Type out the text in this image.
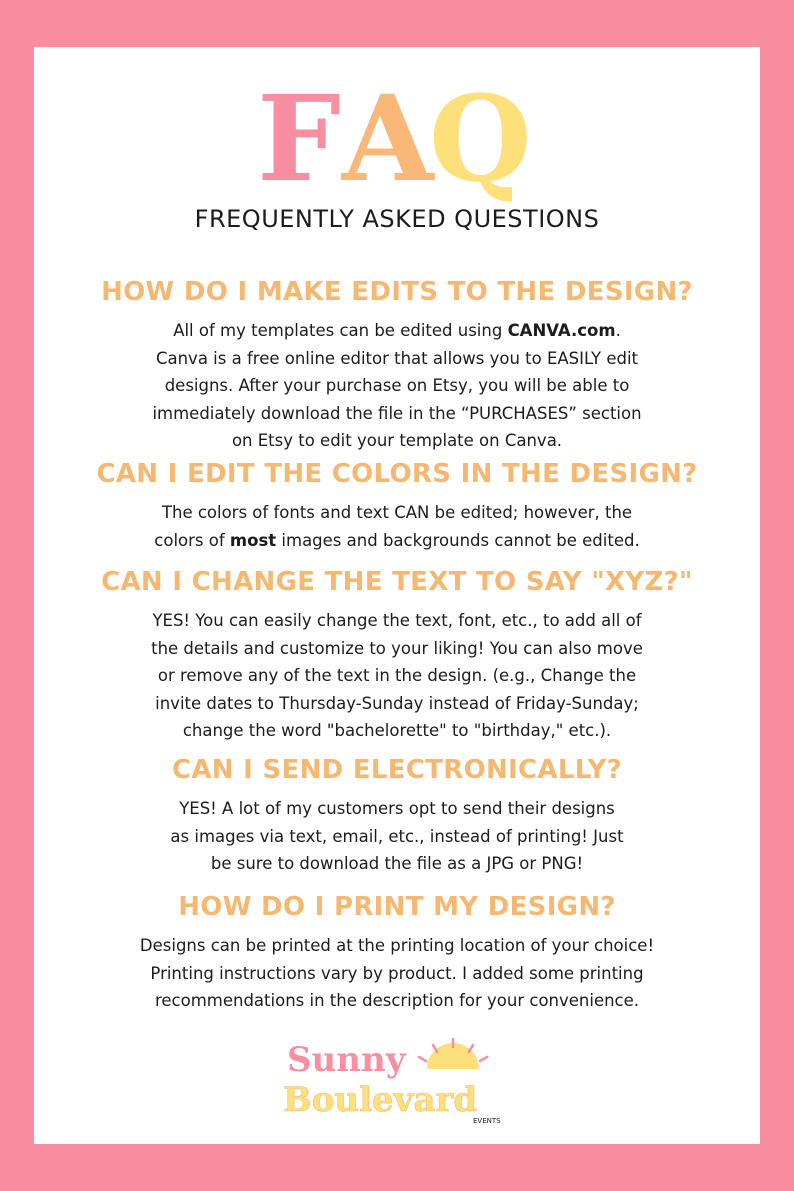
F A
Q
FREQUENTLY ASKED QUESTIONS
HOW DO I MAKE EDITS TO THE DESIGN?
All of my templates can be edited using CANVA.com.
Canva is a free online editor that allows you to EASILY edit
designs. After your purchase on Etsy, you will be able to
immediately download the file in the “PURCHASES” section
on Etsy to edit your template on Canva.
CAN I EDIT THE COLORS IN THE DESIGN?
The colors of fonts and text CAN be edited; however, the
colors of most images and backgrounds cannot be edited.
CAN I CHANGE THE TEXT TO SAY "XYZ?"
YES! You can easily change the text, font, etc., to add all of
the details and customize to your liking! You can also move
or remove any of the text in the design. (e.g., Change the
invite dates to Thursday-Sunday instead of Friday-Sunday;
change the word "bachelorette" to "birthday," etc.).
CAN I SEND ELECTRONICALLY?
YES! A lot of my customers opt to send their designs
as images via text, email, etc., instead of printing! Just
be sure to download the file as a JPG or PNG!
HOW DO I PRINT MY DESIGN?
Designs can be printed at the printing location of your choice!
Printing instructions vary by product. I added some printing
recommendations in the description for your convenience.
Sunny
Boulevard
EVENTS
